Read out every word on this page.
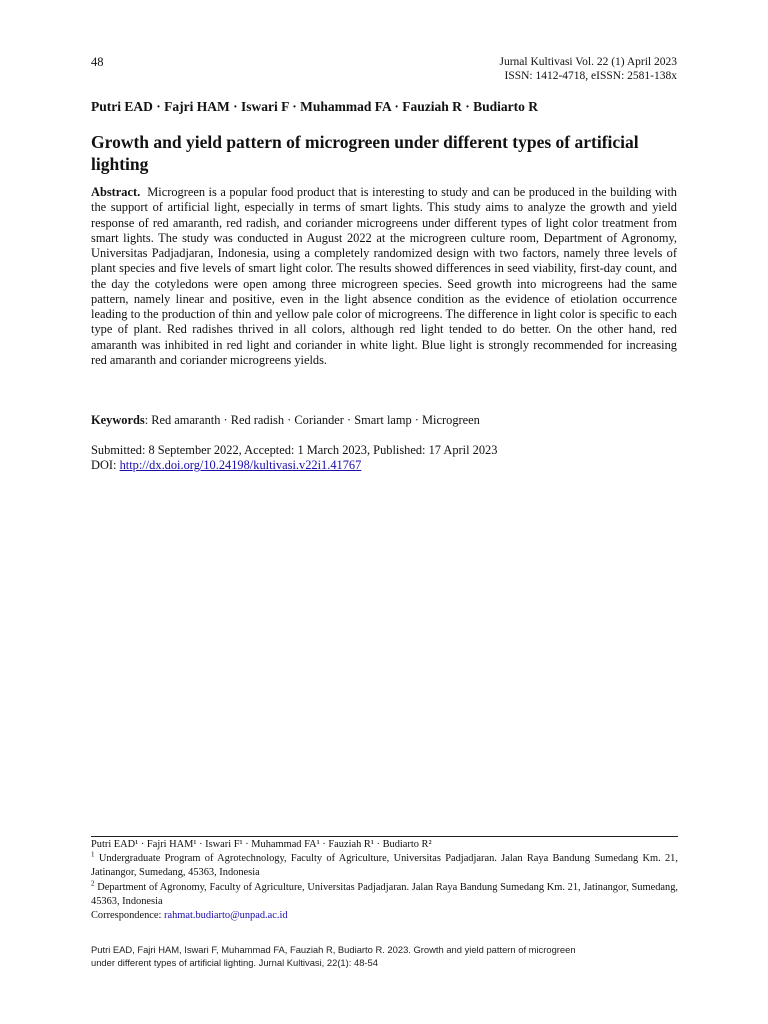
48	Jurnal Kultivasi Vol. 22 (1) April 2023
ISSN: 1412-4718, eISSN: 2581-138x
Putri EAD · Fajri HAM · Iswari F · Muhammad FA · Fauziah R · Budiarto R
Growth and yield pattern of microgreen under different types of artificial lighting
Abstract. Microgreen is a popular food product that is interesting to study and can be produced in the building with the support of artificial light, especially in terms of smart lights. This study aims to analyze the growth and yield response of red amaranth, red radish, and coriander microgreens under different types of light color treatment from smart lights. The study was conducted in August 2022 at the microgreen culture room, Department of Agronomy, Universitas Padjadjaran, Indonesia, using a completely randomized design with two factors, namely three levels of plant species and five levels of smart light color. The results showed differences in seed viability, first-day count, and the day the cotyledons were open among three microgreen species. Seed growth into microgreens had the same pattern, namely linear and positive, even in the light absence condition as the evidence of etiolation occurrence leading to the production of thin and yellow pale color of microgreens. The difference in light color is specific to each type of plant. Red radishes thrived in all colors, although red light tended to do better. On the other hand, red amaranth was inhibited in red light and coriander in white light. Blue light is strongly recommended for increasing red amaranth and coriander microgreens yields.
Keywords: Red amaranth · Red radish · Coriander · Smart lamp · Microgreen
Submitted: 8 September 2022, Accepted: 1 March 2023, Published: 17 April 2023
DOI: http://dx.doi.org/10.24198/kultivasi.v22i1.41767
Putri EAD¹ · Fajri HAM¹ · Iswari F¹ · Muhammad FA¹ · Fauziah R¹ · Budiarto R²
$^1$ Undergraduate Program of Agrotechnology, Faculty of Agriculture, Universitas Padjadjaran. Jalan Raya Bandung Sumedang Km. 21, Jatinangor, Sumedang, 45363, Indonesia
$^2$ Department of Agronomy, Faculty of Agriculture, Universitas Padjadjaran. Jalan Raya Bandung Sumedang Km. 21, Jatinangor, Sumedang, 45363, Indonesia
Correspondence: rahmat.budiarto@unpad.ac.id
Putri EAD, Fajri HAM, Iswari F, Muhammad FA, Fauziah R, Budiarto R. 2023. Growth and yield pattern of microgreen under different types of artificial lighting. Jurnal Kultivasi, 22(1): 48-54
